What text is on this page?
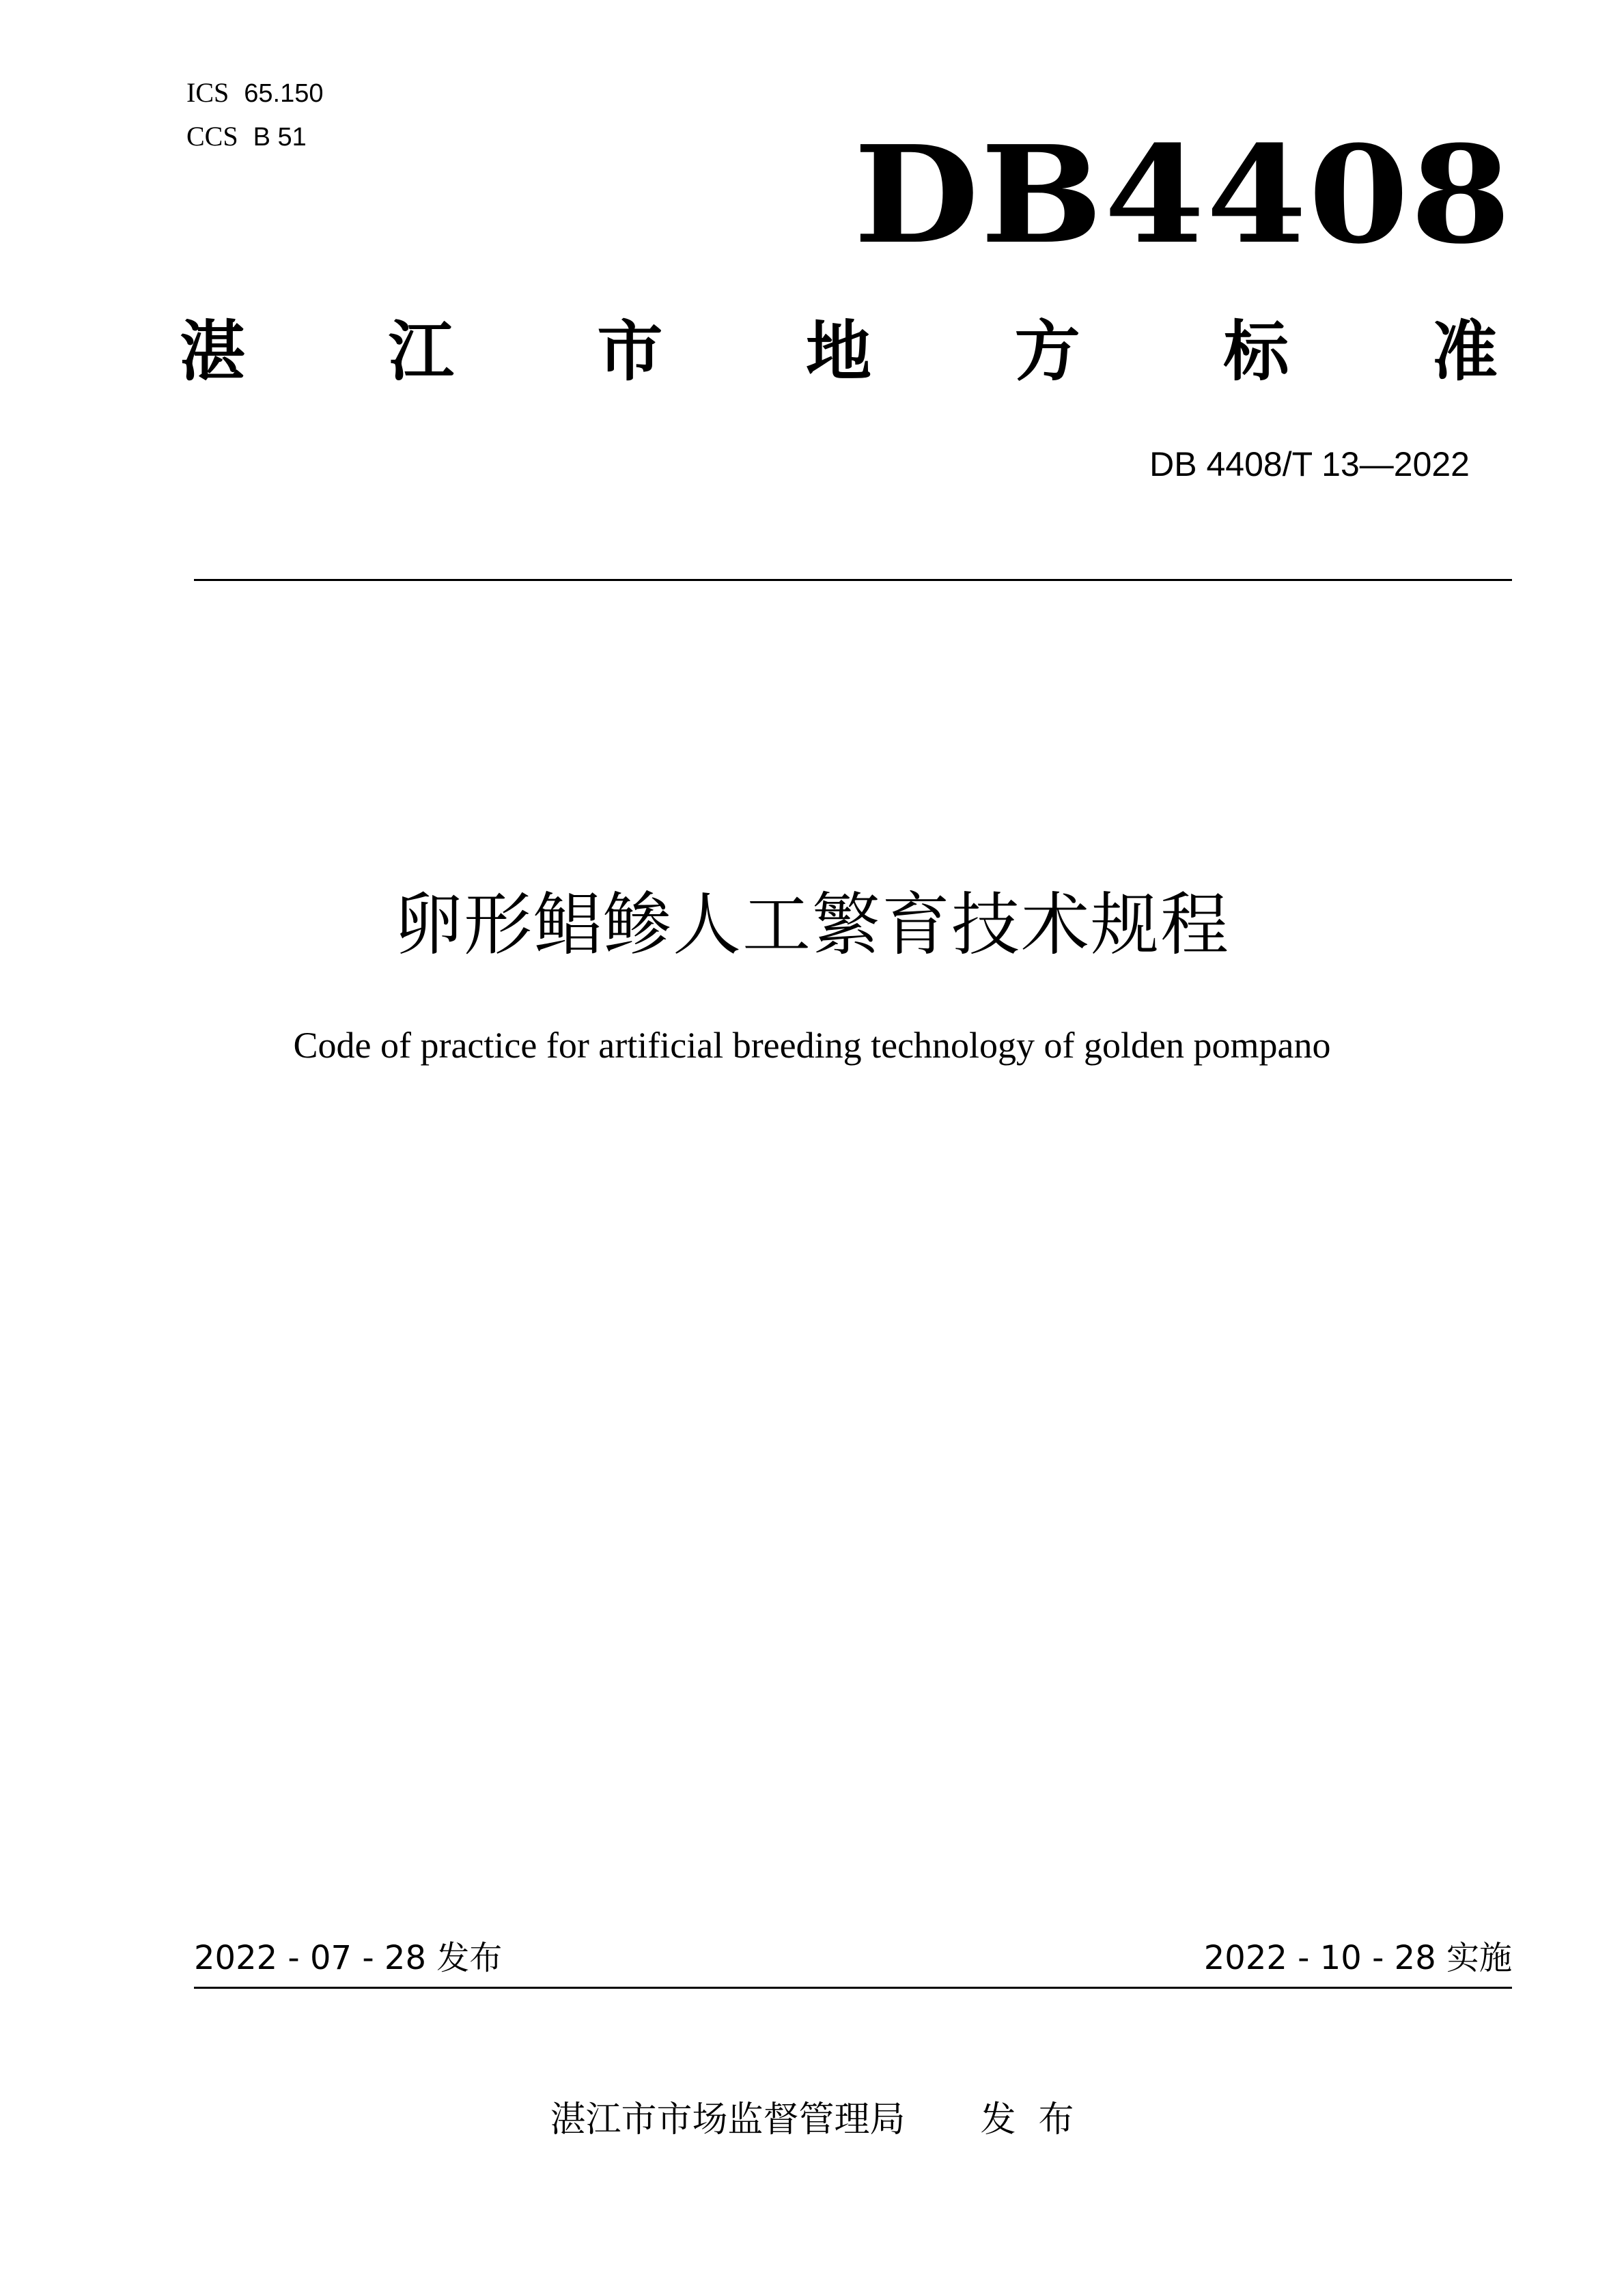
ICS 65.150
CCS B 51	DB4408
湛江市地方标准
DB 4408/T 13—2022
卵形鲳鲹人工繁育技术规程
Code of practice for artificial breeding technology of golden pompano
2022 - 07 - 28 发布	2022 - 10 - 28 实施
湛江市市场监督管理局 发  布
